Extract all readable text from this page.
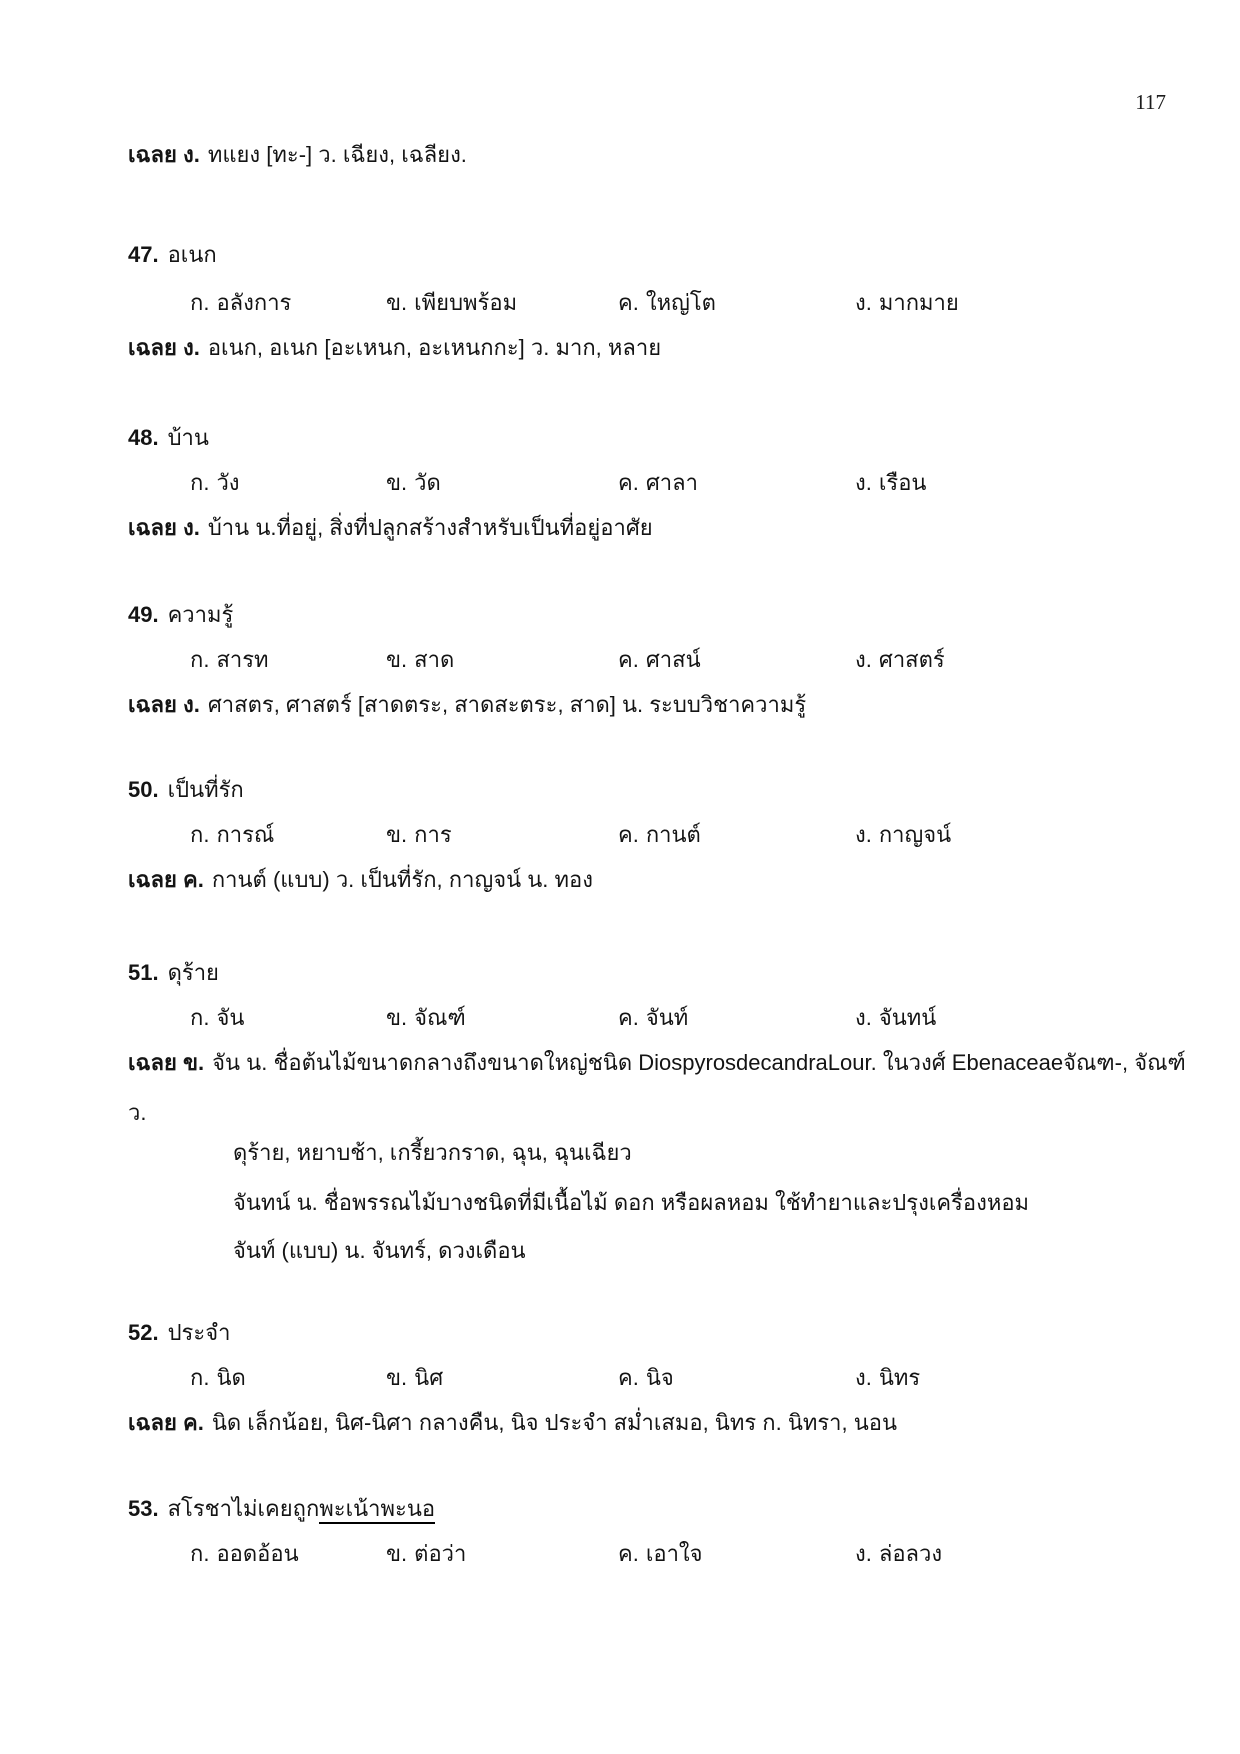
117
เฉลย ง. ทแยง [ทะ-] ว. เฉียง, เฉลียง.
47. อเนก
ก. อลังการ	ข. เพียบพร้อม	ค. ใหญ่โต	ง. มากมาย
เฉลย ง. อเนก, อเนก [อะเหนก, อะเหนกกะ] ว. มาก, หลาย
48. บ้าน
ก. วัง	ข. วัด	ค. ศาลา	ง. เรือน
เฉลย ง. บ้าน น.ที่อยู่, สิ่งที่ปลูกสร้างสำหรับเป็นที่อยู่อาศัย
49. ความรู้
ก. สารท	ข. สาด	ค. ศาสน์	ง. ศาสตร์
เฉลย ง. ศาสตร, ศาสตร์ [สาดตระ, สาดสะตระ, สาด] น. ระบบวิชาความรู้
50. เป็นที่รัก
ก. การณ์	ข. การ	ค. กานต์	ง. กาญจน์
เฉลย ค. กานต์ (แบบ) ว. เป็นที่รัก, กาญจน์ น. ทอง
51. ดุร้าย
ก. จัน	ข. จัณฑ์	ค. จันท์	ง. จันทน์
เฉลย ข. จัน น. ชื่อต้นไม้ขนาดกลางถึงขนาดใหญ่ชนิด DiospyrosdecandraLour. ในวงศ์ Ebenaceaeจัณฑ-, จัณฑ์
ว.
ดุร้าย, หยาบช้า, เกรี้ยวกราด, ฉุน, ฉุนเฉียว
จันทน์ น. ชื่อพรรณไม้บางชนิดที่มีเนื้อไม้ ดอก หรือผลหอม ใช้ทำยาและปรุงเครื่องหอม
จันท์ (แบบ) น. จันทร์, ดวงเดือน
52. ประจำ
ก. นิด	ข. นิศ	ค. นิจ	ง. นิทร
เฉลย ค. นิด เล็กน้อย, นิศ-นิศา กลางคืน, นิจ ประจำ สม่ำเสมอ, นิทร ก. นิทรา, นอน
53. สโรชาไม่เคยถูกพะเน้าพะนอ
ก. ออดอ้อน	ข. ต่อว่า	ค. เอาใจ	ง. ล่อลวง
